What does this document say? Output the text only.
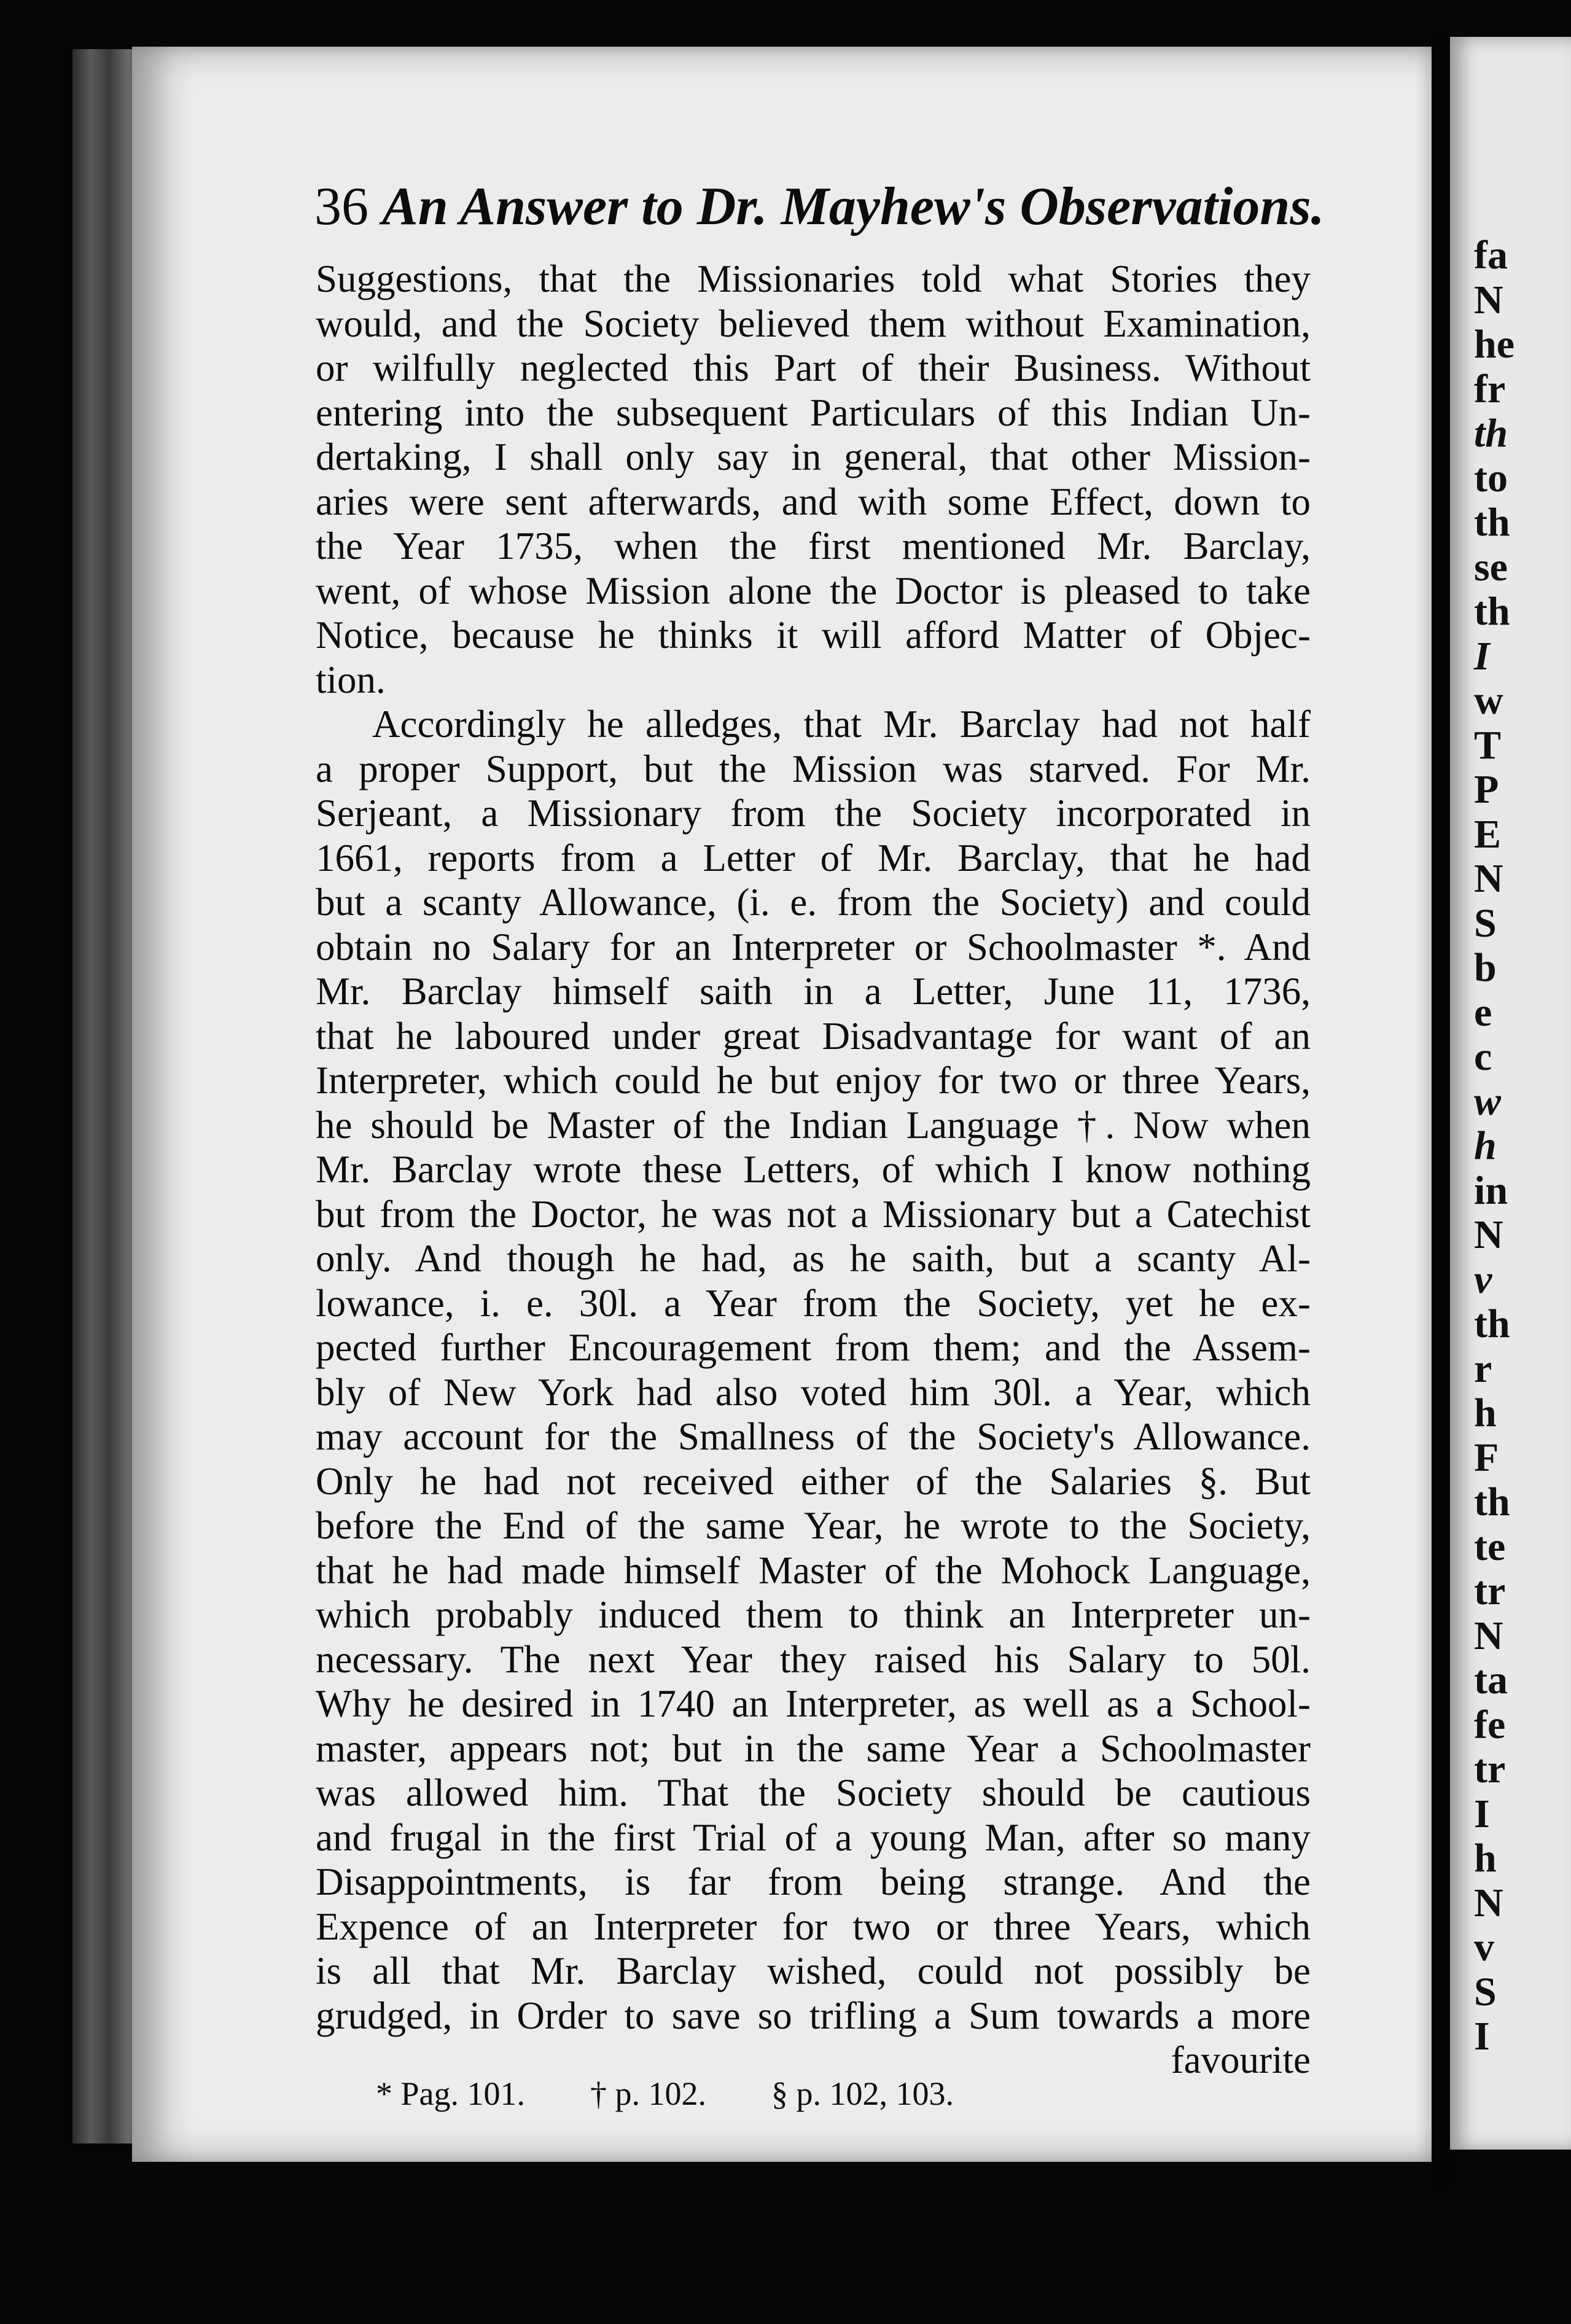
fa
N
he
fr
th
to
th
se
th
I
w
T
P
E
N
S
b
e
c
w
h
in
N
v
th
r
h
F
th
te
tr
N
ta
fe
tr
I
h
N
v
S
I
36 An Answer to Dr. Mayhew's Observations.
Suggestions, that the Missionaries told what Stories they
would, and the Society believed them without Examination,
or wilfully neglected this Part of their Business. Without
entering into the subsequent Particulars of this Indian Un-
dertaking, I shall only say in general, that other Mission-
aries were sent afterwards, and with some Effect, down to
the Year 1735, when the first mentioned Mr. Barclay,
went, of whose Mission alone the Doctor is pleased to take
Notice, because he thinks it will afford Matter of Objec-
tion.
Accordingly he alledges, that Mr. Barclay had not half
a proper Support, but the Mission was starved. For Mr.
Serjeant, a Missionary from the Society incorporated in
1661, reports from a Letter of Mr. Barclay, that he had
but a scanty Allowance, (i. e. from the Society) and could
obtain no Salary for an Interpreter or Schoolmaster *. And
Mr. Barclay himself saith in a Letter, June 11, 1736,
that he laboured under great Disadvantage for want of an
Interpreter, which could he but enjoy for two or three Years,
he should be Master of the Indian Language †. Now when
Mr. Barclay wrote these Letters, of which I know nothing
but from the Doctor, he was not a Missionary but a Catechist
only. And though he had, as he saith, but a scanty Al-
lowance, i. e. 30l. a Year from the Society, yet he ex-
pected further Encouragement from them; and the Assem-
bly of New York had also voted him 30l. a Year, which
may account for the Smallness of the Society's Allowance.
Only he had not received either of the Salaries §. But
before the End of the same Year, he wrote to the Society,
that he had made himself Master of the Mohock Language,
which probably induced them to think an Interpreter un-
necessary. The next Year they raised his Salary to 50l.
Why he desired in 1740 an Interpreter, as well as a School-
master, appears not; but in the same Year a Schoolmaster
was allowed him. That the Society should be cautious
and frugal in the first Trial of a young Man, after so many
Disappointments, is far from being strange. And the
Expence of an Interpreter for two or three Years, which
is all that Mr. Barclay wished, could not possibly be
grudged, in Order to save so trifling a Sum towards a more
favourite
* Pag. 101. † p. 102. § p. 102, 103.
